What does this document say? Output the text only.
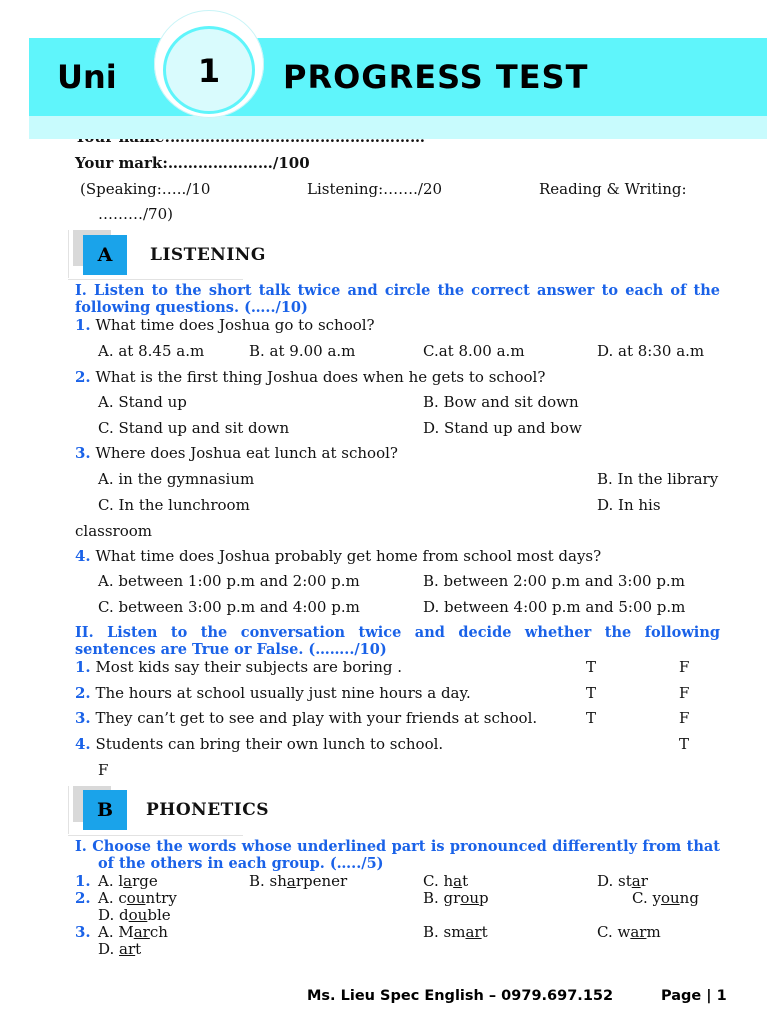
Uni	1	PROGRESS TEST
Your mark:…………………/100
(Speaking:…../10	Listening:……./20	Reading & Writing:
………/70)
A	LISTENING
I. Listen to the short talk twice and circle the correct answer to each of the following questions. (…../10)
1. What time does Joshua go to school?
A. at 8.45 a.m	B. at 9.00 a.m	C.at 8.00 a.m	D. at 8:30 a.m
2. What is the first thing Joshua does when he gets to school?
A. Stand up	B. Bow and sit down
C. Stand up and sit down	D. Stand up and bow
3. Where does Joshua eat lunch at school?
A. in the gymnasium	B. In the library
C. In the lunchroom	D. In his
classroom
4. What time does Joshua probably get home from school most days?
A. between 1:00 p.m and 2:00 p.m	B. between 2:00 p.m and 3:00 p.m
C. between 3:00 p.m and 4:00 p.m	D. between 4:00 p.m and 5:00 p.m
II. Listen to the conversation twice and decide whether the following sentences are True or False. (……../10)
1. Most kids say their subjects are boring .	T	F
2. The hours at school usually just nine hours a day.	T	F
3. They can’t get to see and play with your friends at school.	T	F
4. Students can bring their own lunch to school.	T
F
B	PHONETICS
I. Choose the words whose underlined part is pronounced differently from that of the others in each group. (…../5)
1. A. large	B. sharpener	C. hat	D. star
2. A. country	B. group	C. young
D. double
3. A. March	B. smart	C. warm
D. art
Ms. Lieu Spec English – 0979.697.152	Page | 1
